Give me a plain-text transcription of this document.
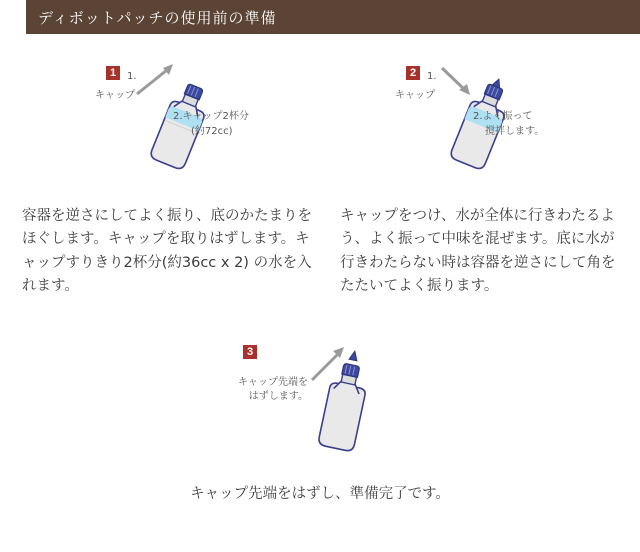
ディボットパッチの使用前の準備
1	1.
キャップ
2.キャップ2杯分
(約72cc)
2	1.
キャップ
2.よく振って
撹拌します。
容器を逆さにしてよく振り、底のかたまりをほぐします。キャップを取りはずします。キャップすりきり2杯分(約36cc x 2) の水を入れます。
キャップをつけ、水が全体に行きわたるよう、よく振って中味を混ぜます。底に水が行きわたらない時は容器を逆さにして角をたたいてよく振ります。
3
キャップ先端を
はずします。
キャップ先端をはずし、準備完了です。
